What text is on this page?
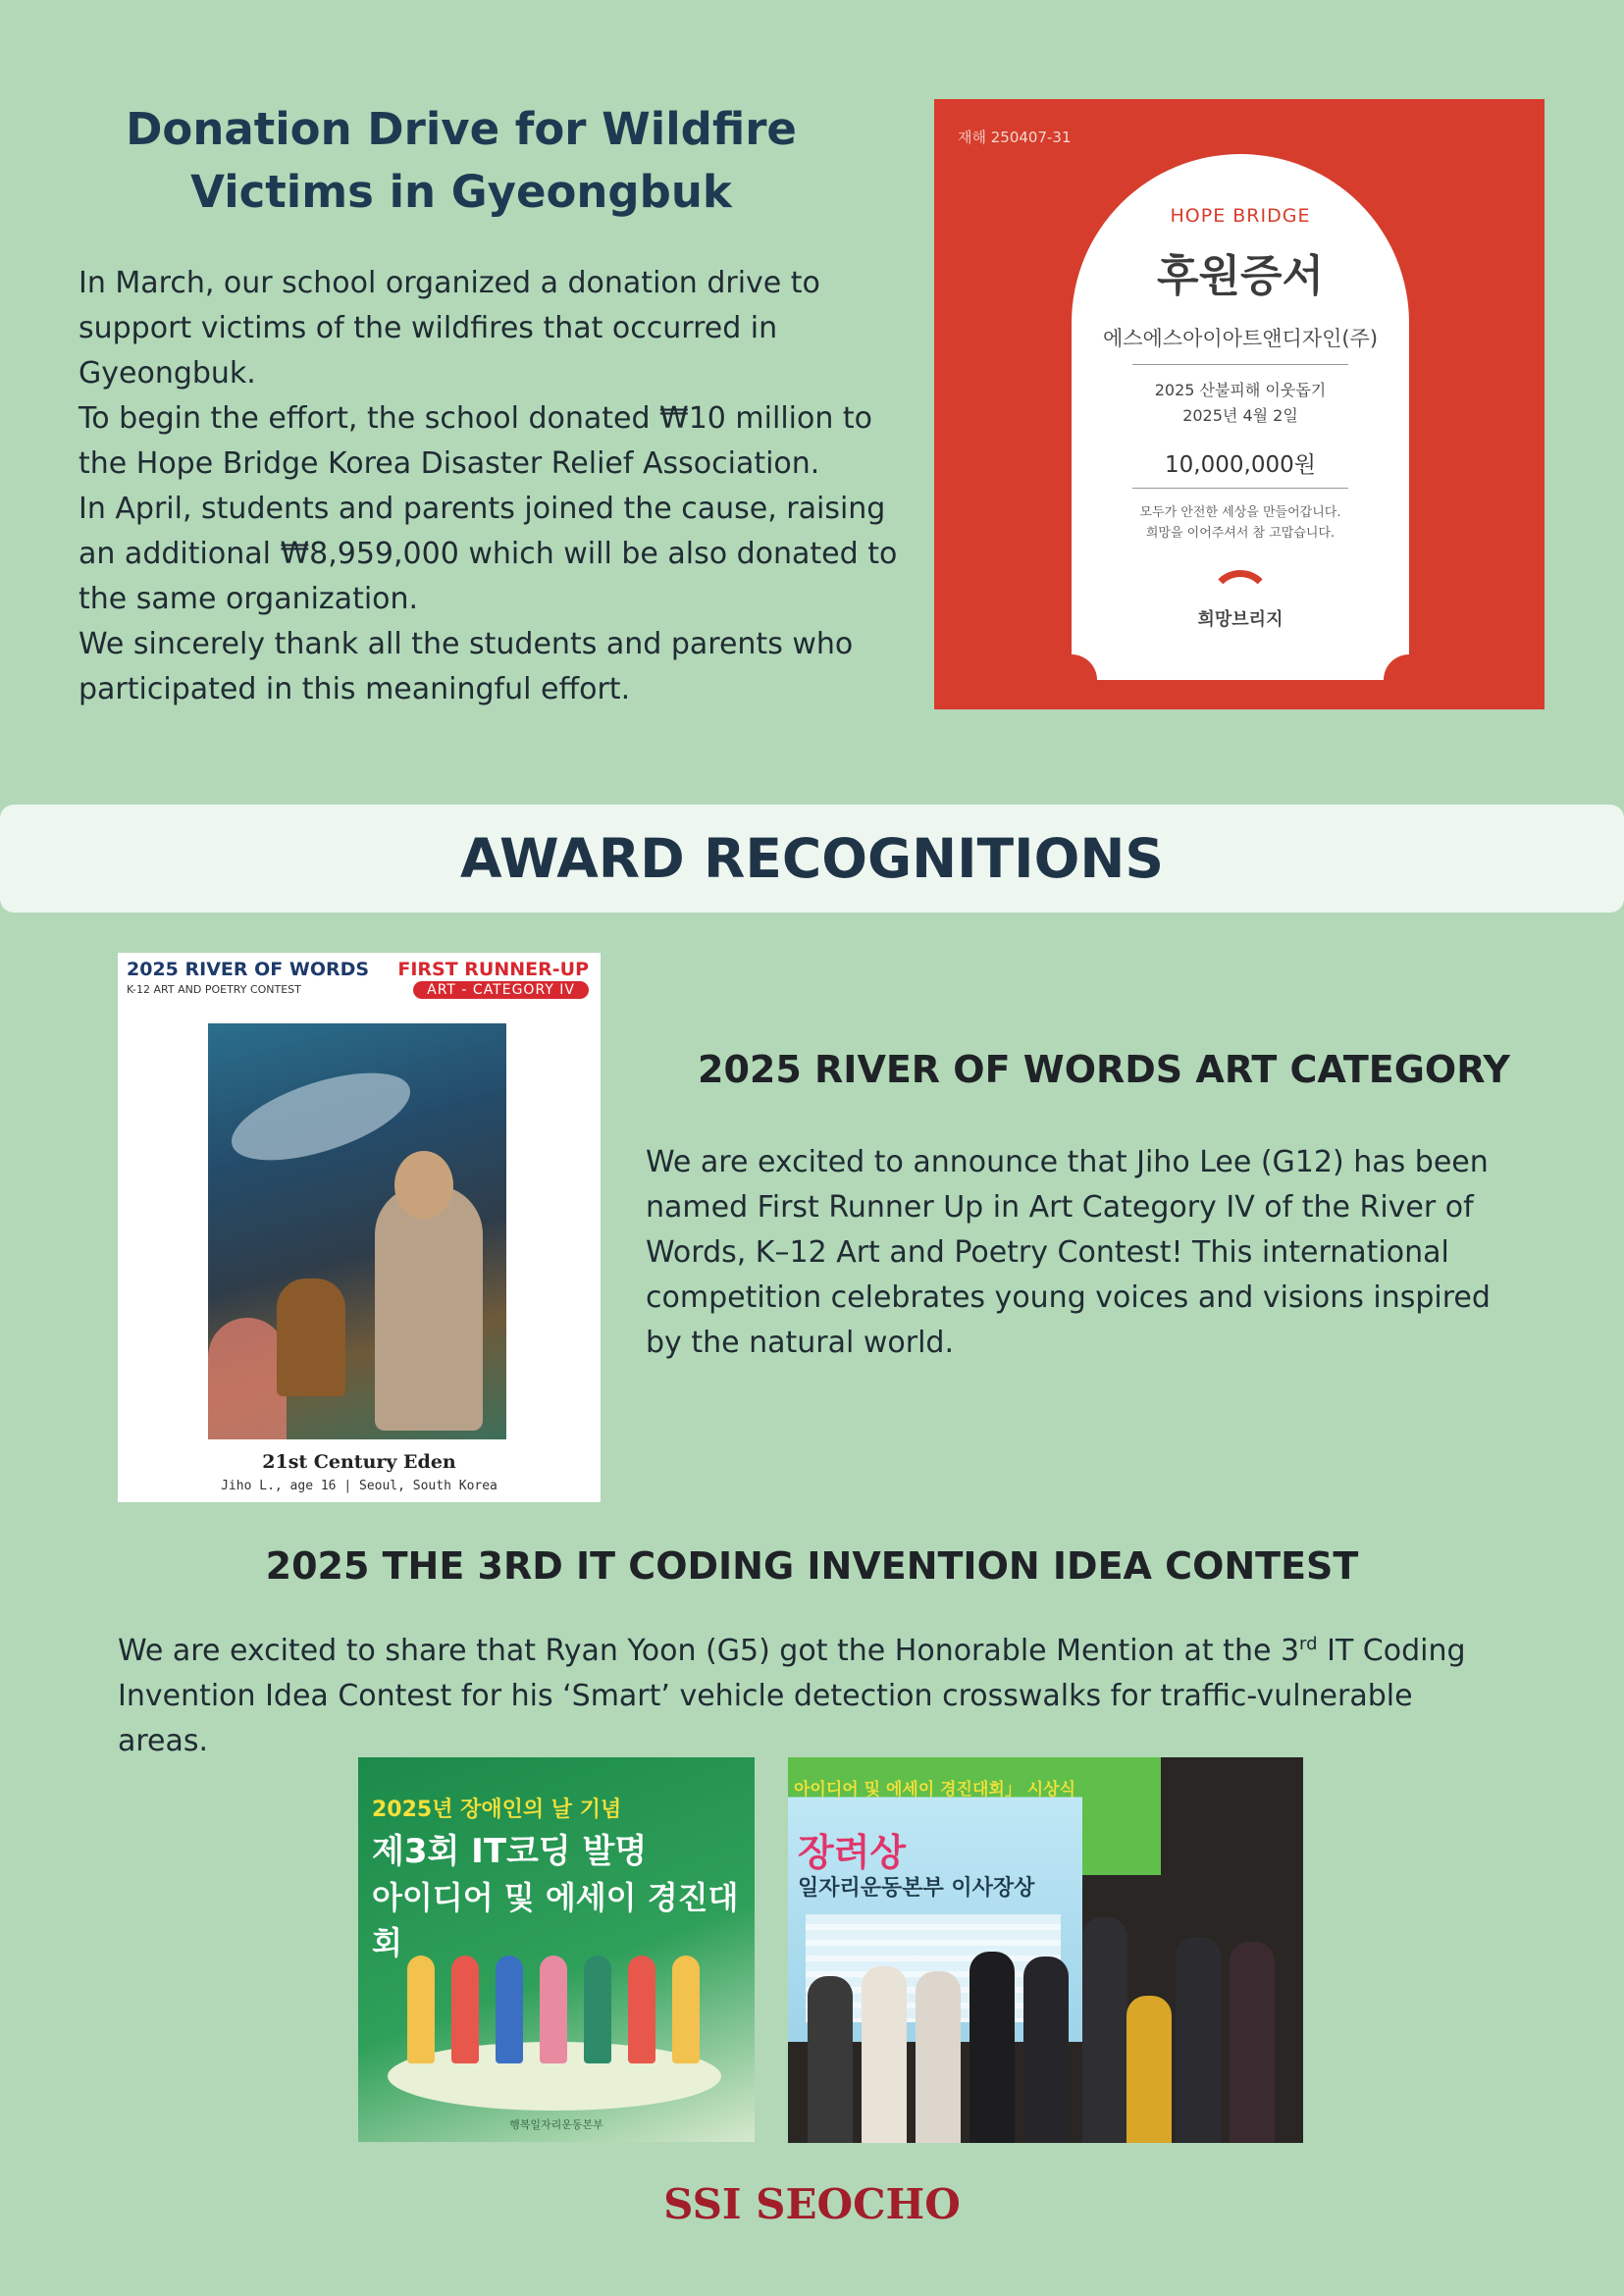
Donation Drive for Wildfire Victims in Gyeongbuk

In March, our school organized a donation drive to support victims of the wildfires that occurred in Gyeongbuk.

To begin the effort, the school donated ₩10 million to the Hope Bridge Korea Disaster Relief Association.

In April, students and parents joined the cause, raising an additional ₩8,959,000 which will be also donated to the same organization.

We sincerely thank all the students and parents who participated in this meaningful effort.

재해 250407-31
HOPE BRIDGE
후원증서
에스에스아이아트앤디자인(주)
2025 산불피해 이웃돕기
2025년 4월 2일
10,000,000원
모두가 안전한 세상을 만들어갑니다.
희망을 이어주셔서 참 고맙습니다.
희망브리지
AWARD RECOGNITIONS
2025 RIVER OF WORDS
K-12 ART AND POETRY CONTEST
FIRST RUNNER-UP
ART - CATEGORY IV
21st Century Eden
Jiho L., age 16 | Seoul, South Korea
2025 RIVER OF WORDS ART CATEGORY

We are excited to announce that Jiho Lee (G12) has been named First Runner Up in Art Category IV of the River of Words, K–12 Art and Poetry Contest! This international competition celebrates young voices and visions inspired by the natural world.

2025 THE 3RD IT CODING INVENTION IDEA CONTEST

We are excited to share that Ryan Yoon (G5) got the Honorable Mention at the 3rd IT Coding Invention Idea Contest for his ‘Smart’ vehicle detection crosswalks for traffic-vulnerable areas.

2025년 장애인의 날 기념
제3회 IT코딩 발명
아이디어 및 에세이 경진대회
행복일자리운동본부
아이디어 및 에세이 경진대회」 시상식
장려상
일자리운동본부 이사장상
SSI SEOCHO
